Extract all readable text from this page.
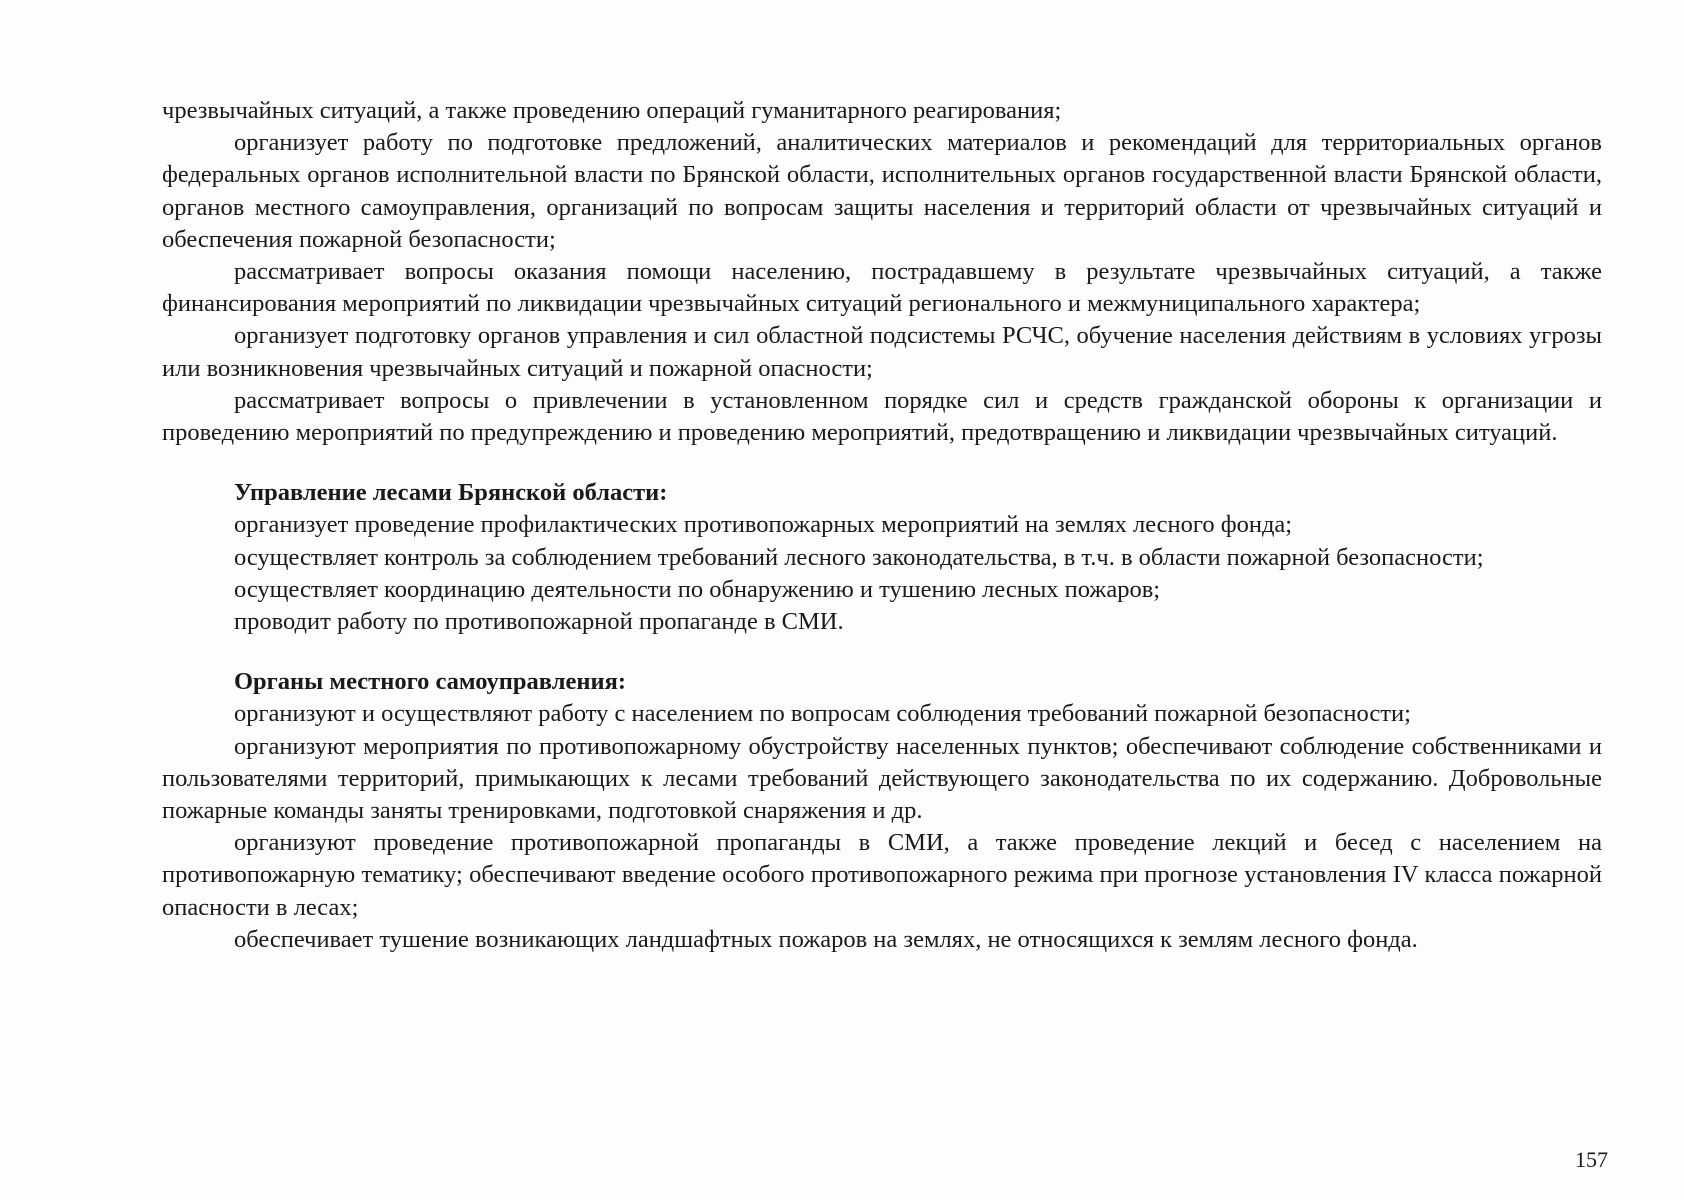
чрезвычайных ситуаций, а также проведению операций гуманитарного реагирования;

организует работу по подготовке предложений, аналитических материалов и рекомендаций для территориальных органов федеральных органов исполнительной власти по Брянской области, исполнительных органов государственной власти Брянской области, органов местного самоуправления, организаций по вопросам защиты населения и территорий области от чрезвычайных ситуаций и обеспечения пожарной безопасности;

рассматривает вопросы оказания помощи населению, пострадавшему в результате чрезвычайных ситуаций, а также финансирования мероприятий по ликвидации чрезвычайных ситуаций регионального и межмуниципального характера;

организует подготовку органов управления и сил областной подсистемы РСЧС, обучение населения действиям в условиях угрозы или возникновения чрезвычайных ситуаций и пожарной опасности;

рассматривает вопросы о привлечении в установленном порядке сил и средств гражданской обороны к организации и проведению мероприятий по предупреждению и проведению мероприятий, предотвращению и ликвидации чрезвычайных ситуаций.

Управление лесами Брянской области:

организует проведение профилактических противопожарных мероприятий на землях лесного фонда;

осуществляет контроль за соблюдением требований лесного законодательства, в т.ч. в области пожарной безопасности;

осуществляет координацию деятельности по обнаружению и тушению лесных пожаров;

проводит работу по противопожарной пропаганде в СМИ.

Органы местного самоуправления:

организуют и осуществляют работу с населением по вопросам соблюдения требований пожарной безопасности;

организуют мероприятия по противопожарному обустройству населенных пунктов; обеспечивают соблюдение собственниками и пользователями территорий, примыкающих к лесами требований действующего законодательства по их содержанию. Добровольные пожарные команды заняты тренировками, подготовкой снаряжения и др.

организуют проведение противопожарной пропаганды в СМИ, а также проведение лекций и бесед с населением на противопожарную тематику; обеспечивают введение особого противопожарного режима при прогнозе установления IV класса пожарной опасности в лесах;

обеспечивает тушение возникающих ландшафтных пожаров на землях, не относящихся к землям лесного фонда.

157
